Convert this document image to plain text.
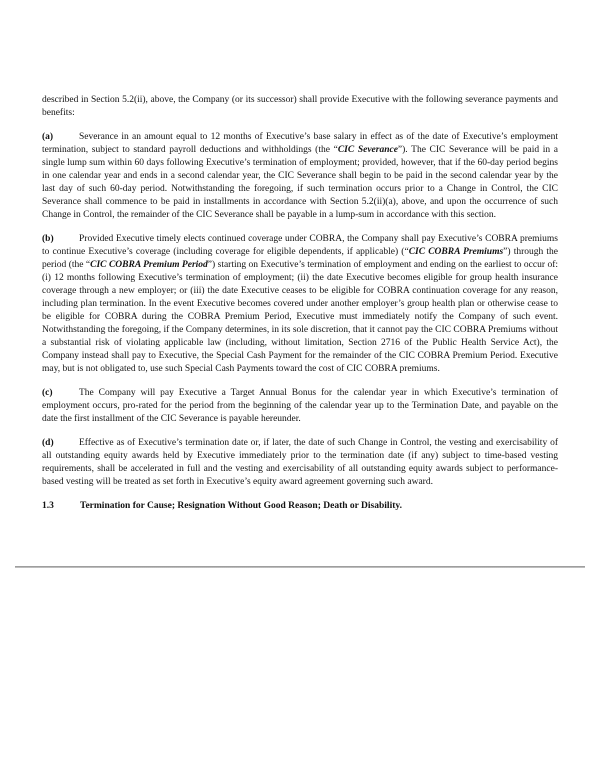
described in Section 5.2(ii), above, the Company (or its successor) shall provide Executive with the following severance payments and benefits:

(a)	Severance in an amount equal to 12 months of Executive’s base salary in effect as of the date of Executive’s employment termination, subject to standard payroll deductions and withholdings (the “CIC Severance”). The CIC Severance will be paid in a single lump sum within 60 days following Executive’s termination of employment; provided, however, that if the 60-day period begins in one calendar year and ends in a second calendar year, the CIC Severance shall begin to be paid in the second calendar year by the last day of such 60-day period. Notwithstanding the foregoing, if such termination occurs prior to a Change in Control, the CIC Severance shall commence to be paid in installments in accordance with Section 5.2(ii)(a), above, and upon the occurrence of such Change in Control, the remainder of the CIC Severance shall be payable in a lump-sum in accordance with this section.

(b)	Provided Executive timely elects continued coverage under COBRA, the Company shall pay Executive’s COBRA premiums to continue Executive’s coverage (including coverage for eligible dependents, if applicable) (“CIC COBRA Premiums”) through the period (the “CIC COBRA Premium Period”) starting on Executive’s termination of employment and ending on the earliest to occur of: (i) 12 months following Executive’s termination of employment; (ii) the date Executive becomes eligible for group health insurance coverage through a new employer; or (iii) the date Executive ceases to be eligible for COBRA continuation coverage for any reason, including plan termination. In the event Executive becomes covered under another employer’s group health plan or otherwise cease to be eligible for COBRA during the COBRA Premium Period, Executive must immediately notify the Company of such event. Notwithstanding the foregoing, if the Company determines, in its sole discretion, that it cannot pay the CIC COBRA Premiums without a substantial risk of violating applicable law (including, without limitation, Section 2716 of the Public Health Service Act), the Company instead shall pay to Executive, the Special Cash Payment for the remainder of the CIC COBRA Premium Period. Executive may, but is not obligated to, use such Special Cash Payments toward the cost of CIC COBRA premiums.

(c)	The Company will pay Executive a Target Annual Bonus for the calendar year in which Executive’s termination of employment occurs, pro-rated for the period from the beginning of the calendar year up to the Termination Date, and payable on the date the first installment of the CIC Severance is payable hereunder.

(d)	Effective as of Executive’s termination date or, if later, the date of such Change in Control, the vesting and exercisability of all outstanding equity awards held by Executive immediately prior to the termination date (if any) subject to time-based vesting requirements, shall be accelerated in full and the vesting and exercisability of all outstanding equity awards subject to performance-based vesting will be treated as set forth in Executive’s equity award agreement governing such award.

1.3	Termination for Cause; Resignation Without Good Reason; Death or Disability.
